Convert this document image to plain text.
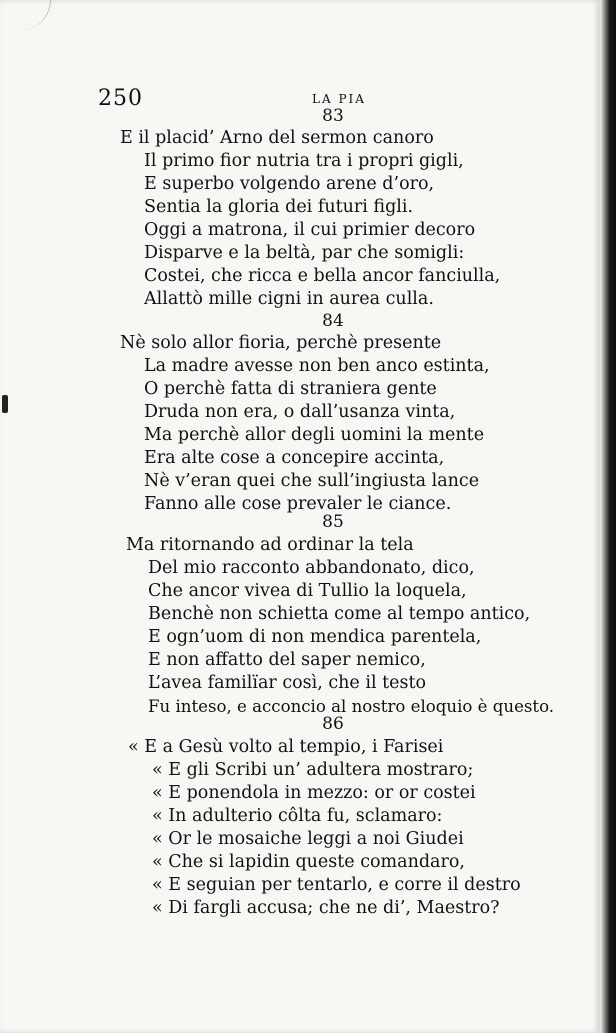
250	LA PIA
83
E il placid’ Arno del sermon canoro
Il primo fior nutria tra i propri gigli,
E superbo volgendo arene d’oro,
Sentia la gloria dei futuri figli.
Oggi a matrona, il cui primier decoro
Disparve e la beltà, par che somigli:
Costei, che ricca e bella ancor fanciulla,
Allattò mille cigni in aurea culla.
84
Nè solo allor fioria, perchè presente
La madre avesse non ben anco estinta,
O perchè fatta di straniera gente
Druda non era, o dall’usanza vinta,
Ma perchè allor degli uomini la mente
Era alte cose a concepire accinta,
Nè v’eran quei che sull’ingiusta lance
Fanno alle cose prevaler le ciance.
85
Ma ritornando ad ordinar la tela
Del mio racconto abbandonato, dico,
Che ancor vivea di Tullio la loquela,
Benchè non schietta come al tempo antico,
E ogn’uom di non mendica parentela,
E non affatto del saper nemico,
L’avea familïar così, che il testo
Fu inteso, e acconcio al nostro eloquio è questo.
86
« E a Gesù volto al tempio, i Farisei
« E gli Scribi un’ adultera mostraro;
« E ponendola in mezzo: or or costei
« In adulterio côlta fu, sclamaro:
« Or le mosaiche leggi a noi Giudei
« Che si lapidin queste comandaro,
« E seguian per tentarlo, e corre il destro
« Di fargli accusa; che ne di’, Maestro?
